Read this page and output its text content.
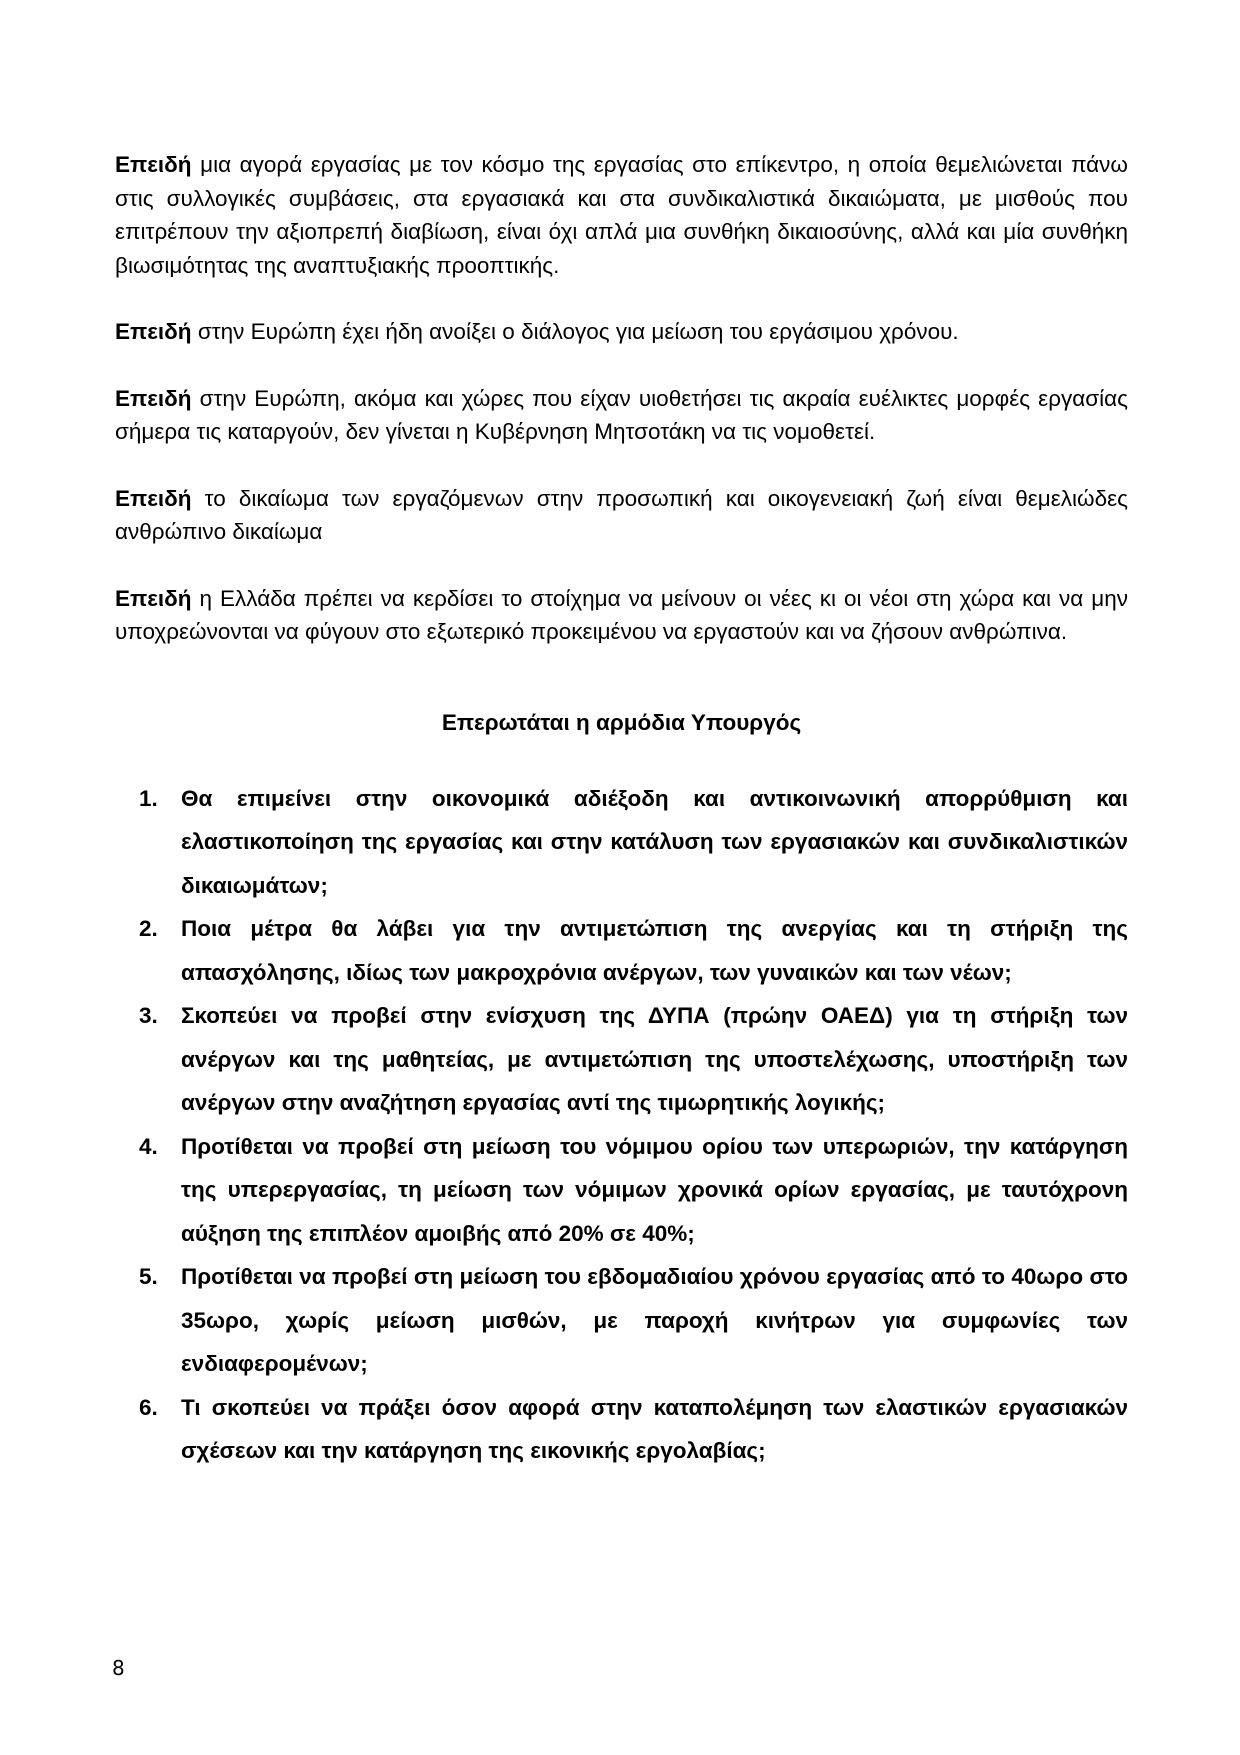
Επειδή μια αγορά εργασίας με τον κόσμο της εργασίας στο επίκεντρο, η οποία θεμελιώνεται πάνω στις συλλογικές συμβάσεις, στα εργασιακά και στα συνδικαλιστικά δικαιώματα, με μισθούς που επιτρέπουν την αξιοπρεπή διαβίωση, είναι όχι απλά μια συνθήκη δικαιοσύνης, αλλά και μία συνθήκη βιωσιμότητας της αναπτυξιακής προοπτικής.

Επειδή στην Ευρώπη έχει ήδη ανοίξει ο διάλογος για μείωση του εργάσιμου χρόνου.

Επειδή στην Ευρώπη, ακόμα και χώρες που είχαν υιοθετήσει τις ακραία ευέλικτες μορφές εργασίας σήμερα τις καταργούν, δεν γίνεται η Κυβέρνηση Μητσοτάκη να τις νομοθετεί.

Επειδή το δικαίωμα των εργαζόμενων στην προσωπική και οικογενειακή ζωή είναι θεμελιώδες ανθρώπινο δικαίωμα

Επειδή η Ελλάδα πρέπει να κερδίσει το στοίχημα να μείνουν οι νέες κι οι νέοι στη χώρα και να μην υποχρεώνονται να φύγουν στο εξωτερικό προκειμένου να εργαστούν και να ζήσουν ανθρώπινα.

Επερωτάται η αρμόδια Υπουργός
1. Θα επιμείνει στην οικονομικά αδιέξοδη και αντικοινωνική απορρύθμιση και ελαστικοποίηση της εργασίας και στην κατάλυση των εργασιακών και συνδικαλιστικών δικαιωμάτων;
2. Ποια μέτρα θα λάβει για την αντιμετώπιση της ανεργίας και τη στήριξη της απασχόλησης, ιδίως των μακροχρόνια ανέργων, των γυναικών και των νέων;
3. Σκοπεύει να προβεί στην ενίσχυση της ΔΥΠΑ (πρώην ΟΑΕΔ) για τη στήριξη των ανέργων και της μαθητείας, με αντιμετώπιση της υποστελέχωσης, υποστήριξη των ανέργων στην αναζήτηση εργασίας αντί της τιμωρητικής λογικής;
4. Προτίθεται να προβεί στη μείωση του νόμιμου ορίου των υπερωριών, την κατάργηση της υπερεργασίας, τη μείωση των νόμιμων χρονικά ορίων εργασίας, με ταυτόχρονη αύξηση της επιπλέον αμοιβής από 20% σε 40%;
5. Προτίθεται να προβεί στη μείωση του εβδομαδιαίου χρόνου εργασίας από το 40ωρο στο 35ωρο, χωρίς μείωση μισθών, με παροχή κινήτρων για συμφωνίες των ενδιαφερομένων;
6. Τι σκοπεύει να πράξει όσον αφορά στην καταπολέμηση των ελαστικών εργασιακών σχέσεων και την κατάργηση της εικονικής εργολαβίας;
8
